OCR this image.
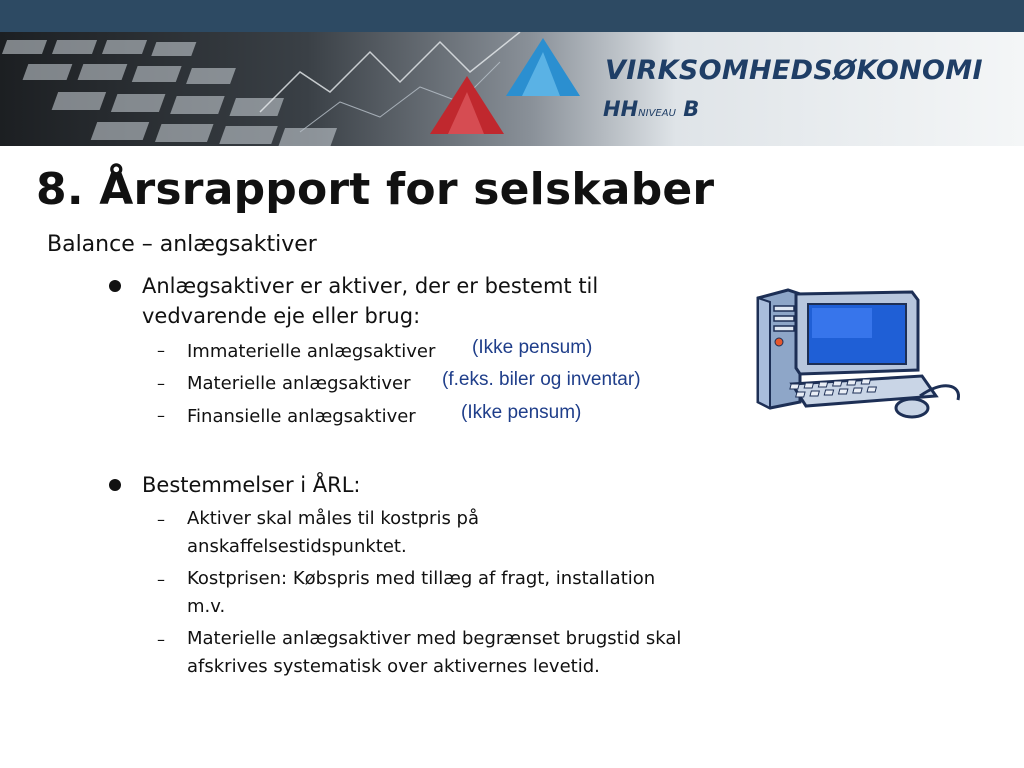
VIRKSOMHEDSØKONOMI
HHNIVEAU B
8. Årsrapport for selskaber
Balance – anlægsaktiver
Anlægsaktiver er aktiver, der er bestemt til
vedvarende eje eller brug:
– Immaterielle anlægsaktiver (Ikke pensum)
– Materielle anlægsaktiver (f.eks. biler og inventar)
– Finansielle anlægsaktiver (Ikke pensum)
Bestemmelser i ÅRL:
– Aktiver skal måles til kostpris på
anskaffelsestidspunktet.
– Kostprisen: Købspris med tillæg af fragt, installation
m.v.
– Materielle anlægsaktiver med begrænset brugstid skal
afskrives systematisk over aktivernes levetid.
